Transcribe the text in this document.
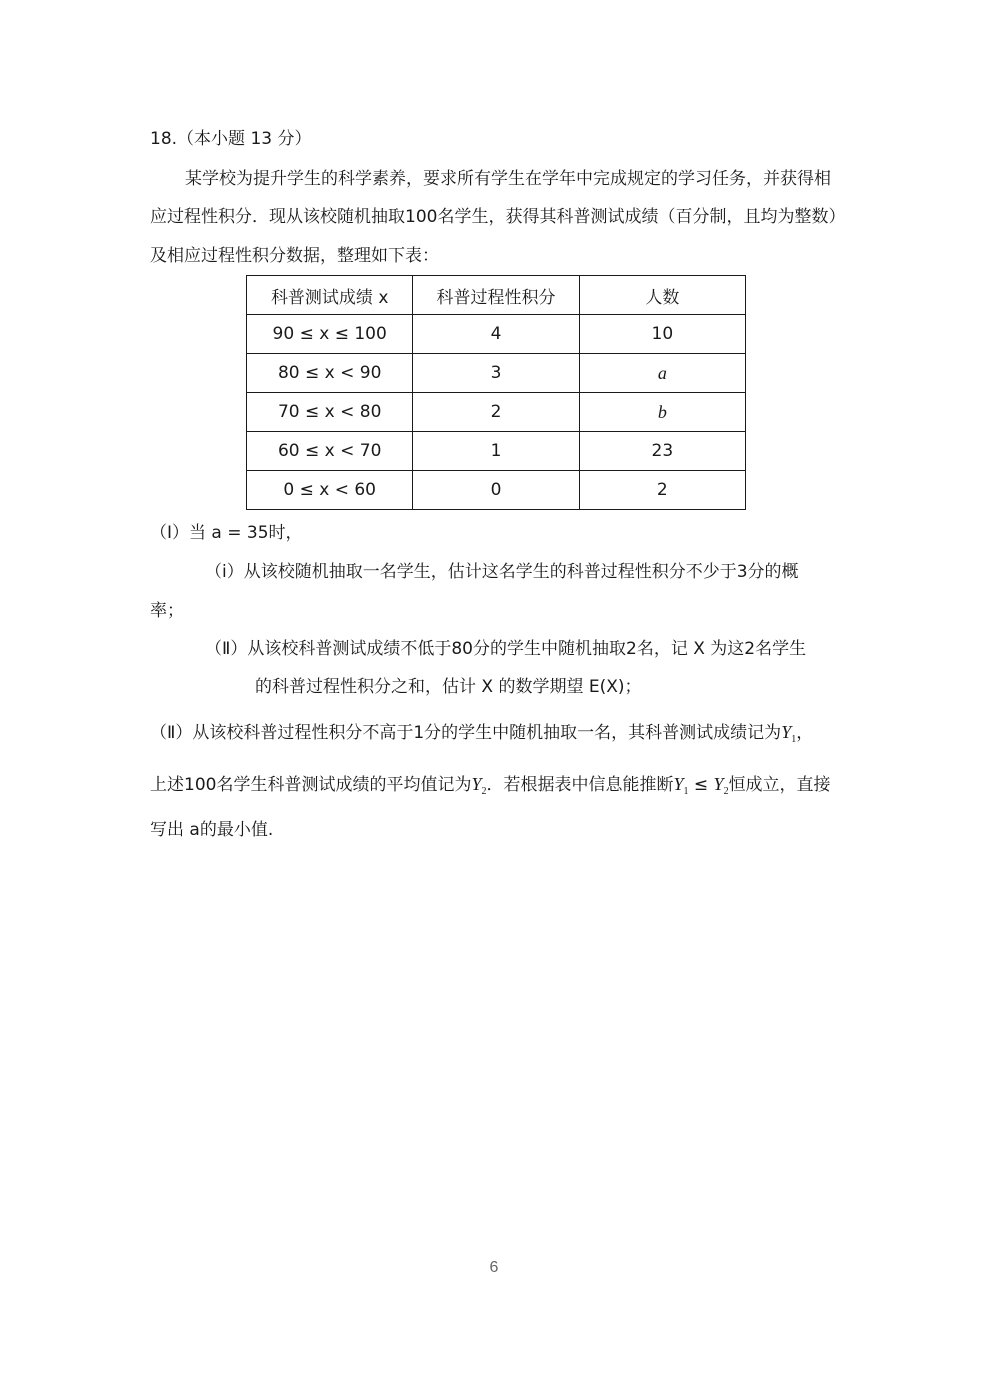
18.（本小题 13 分）
某学校为提升学生的科学素养，要求所有学生在学年中完成规定的学习任务，并获得相
应过程性积分．现从该校随机抽取100名学生，获得其科普测试成绩（百分制，且均为整数）
及相应过程性积分数据，整理如下表：
科普测试成绩 x	科普过程性积分	人数
90 ≤ x ≤ 100	4	10
80 ≤ x < 90	3	a
70 ≤ x < 80	2	b
60 ≤ x < 70	1	23
0 ≤ x < 60	0	2
（Ⅰ）当 a = 35时，
（ⅰ）从该校随机抽取一名学生，估计这名学生的科普过程性积分不少于3分的概
率；
（Ⅱ）从该校科普测试成绩不低于80分的学生中随机抽取2名，记 X 为这2名学生
的科普过程性积分之和，估计 X 的数学期望 E(X)；
（Ⅱ）从该校科普过程性积分不高于1分的学生中随机抽取一名，其科普测试成绩记为$Y_1$，
上述100名学生科普测试成绩的平均值记为$Y_2$．若根据表中信息能推断$Y_1 \le Y_2$恒成立，直接
写出 a的最小值.
6
